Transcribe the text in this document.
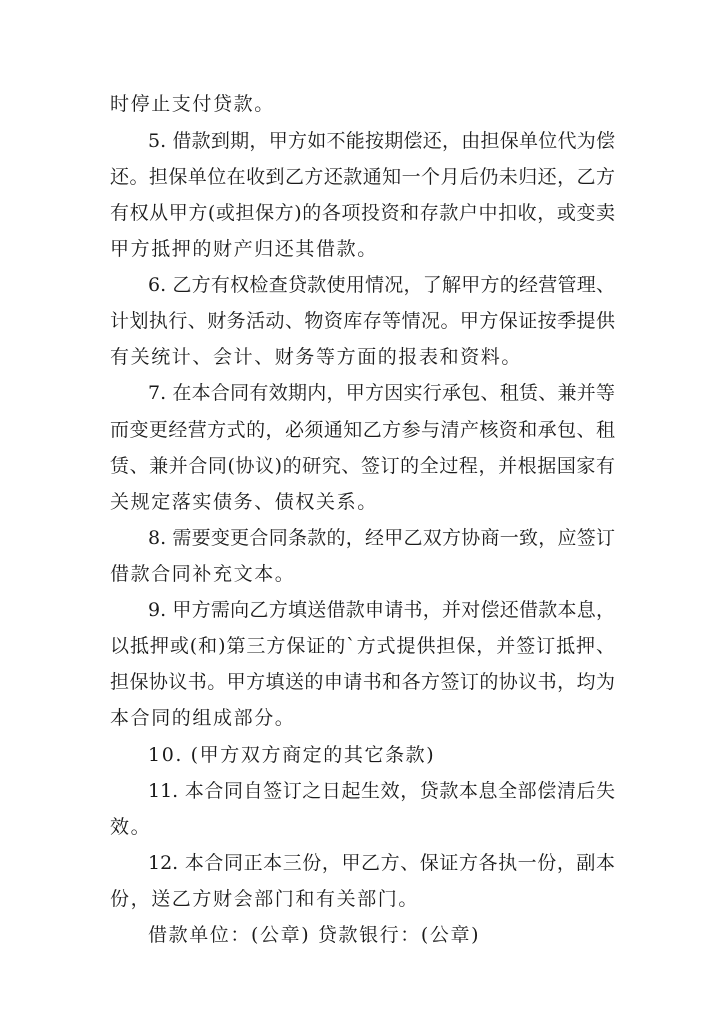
时停止支付贷款。
5. 借款到期，甲方如不能按期偿还，由担保单位代为偿
还。担保单位在收到乙方还款通知一个月后仍未归还，乙方
有权从甲方(或担保方)的各项投资和存款户中扣收，或变卖
甲方抵押的财产归还其借款。
6. 乙方有权检查贷款使用情况，了解甲方的经营管理、
计划执行、财务活动、物资库存等情况。甲方保证按季提供
有关统计、会计、财务等方面的报表和资料。
7. 在本合同有效期内，甲方因实行承包、租赁、兼并等
而变更经营方式的，必须通知乙方参与清产核资和承包、租
赁、兼并合同(协议)的研究、签订的全过程，并根据国家有
关规定落实债务、债权关系。
8. 需要变更合同条款的，经甲乙双方协商一致，应签订
借款合同补充文本。
9. 甲方需向乙方填送借款申请书，并对偿还借款本息，
以抵押或(和)第三方保证的`方式提供担保，并签订抵押、
担保协议书。甲方填送的申请书和各方签订的协议书，均为
本合同的组成部分。
10. (甲方双方商定的其它条款)
11. 本合同自签订之日起生效，贷款本息全部偿清后失
效。
12. 本合同正本三份，甲乙方、保证方各执一份，副本
份，送乙方财会部门和有关部门。
借款单位：(公章) 贷款银行：(公章)
